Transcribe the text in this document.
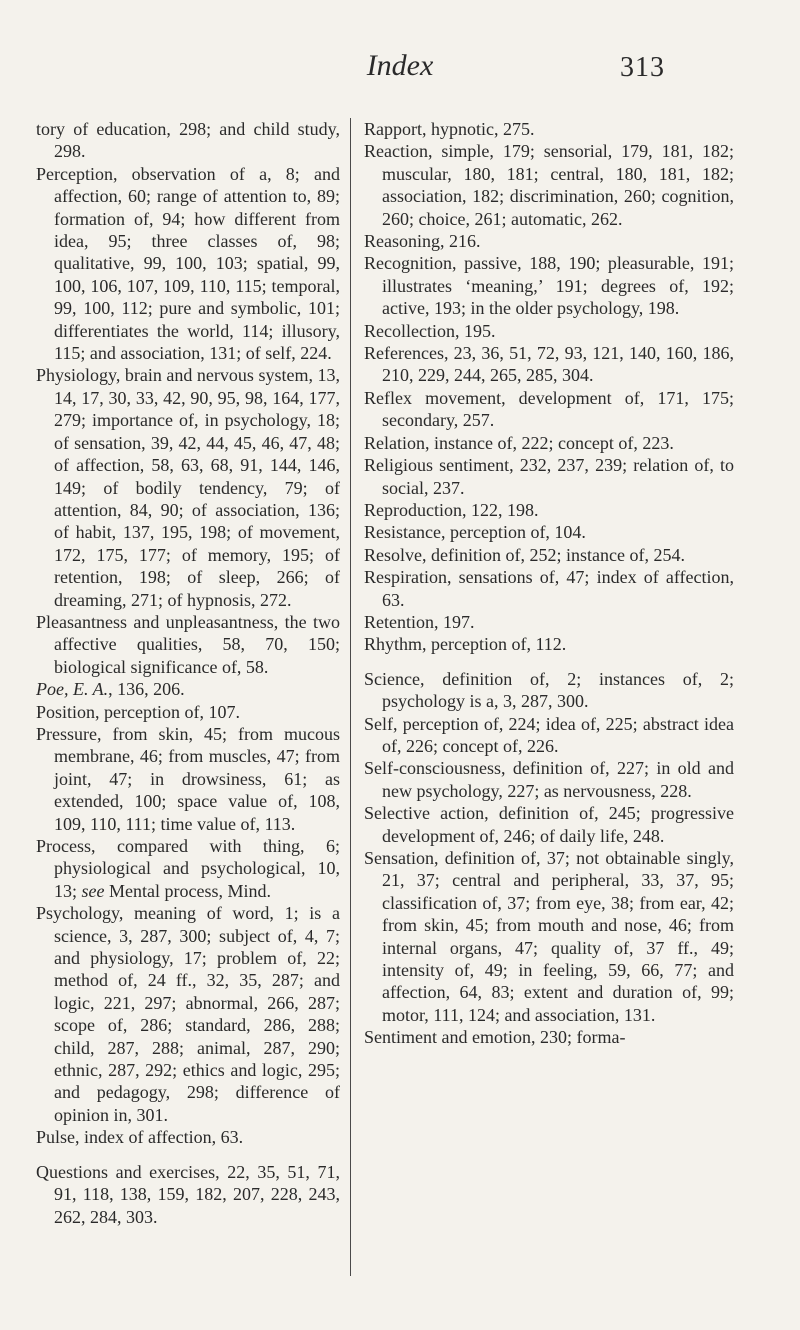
Index	313

tory of education, 298; and child study, 298.

Perception, observation of a, 8; and affection, 60; range of attention to, 89; formation of, 94; how different from idea, 95; three classes of, 98; qualitative, 99, 100, 103; spatial, 99, 100, 106, 107, 109, 110, 115; temporal, 99, 100, 112; pure and symbolic, 101; differentiates the world, 114; illusory, 115; and association, 131; of self, 224.

Physiology, brain and nervous system, 13, 14, 17, 30, 33, 42, 90, 95, 98, 164, 177, 279; importance of, in psychology, 18; of sensation, 39, 42, 44, 45, 46, 47, 48; of affection, 58, 63, 68, 91, 144, 146, 149; of bodily tendency, 79; of attention, 84, 90; of association, 136; of habit, 137, 195, 198; of movement, 172, 175, 177; of memory, 195; of retention, 198; of sleep, 266; of dreaming, 271; of hypnosis, 272.

Pleasantness and unpleasantness, the two affective qualities, 58, 70, 150; biological significance of, 58.

Poe, E. A., 136, 206.

Position, perception of, 107.

Pressure, from skin, 45; from mucous membrane, 46; from muscles, 47; from joint, 47; in drowsiness, 61; as extended, 100; space value of, 108, 109, 110, 111; time value of, 113.

Process, compared with thing, 6; physiological and psychological, 10, 13; see Mental process, Mind.

Psychology, meaning of word, 1; is a science, 3, 287, 300; subject of, 4, 7; and physiology, 17; problem of, 22; method of, 24 ff., 32, 35, 287; and logic, 221, 297; abnormal, 266, 287; scope of, 286; standard, 286, 288; child, 287, 288; animal, 287, 290; ethnic, 287, 292; ethics and logic, 295; and pedagogy, 298; difference of opinion in, 301.

Pulse, index of affection, 63.

Questions and exercises, 22, 35, 51, 71, 91, 118, 138, 159, 182, 207, 228, 243, 262, 284, 303.

Rapport, hypnotic, 275.

Reaction, simple, 179; sensorial, 179, 181, 182; muscular, 180, 181; central, 180, 181, 182; association, 182; discrimination, 260; cognition, 260; choice, 261; automatic, 262.

Reasoning, 216.

Recognition, passive, 188, 190; pleasurable, 191; illustrates ‘meaning,’ 191; degrees of, 192; active, 193; in the older psychology, 198.

Recollection, 195.

References, 23, 36, 51, 72, 93, 121, 140, 160, 186, 210, 229, 244, 265, 285, 304.

Reflex movement, development of, 171, 175; secondary, 257.

Relation, instance of, 222; concept of, 223.

Religious sentiment, 232, 237, 239; relation of, to social, 237.

Reproduction, 122, 198.

Resistance, perception of, 104.

Resolve, definition of, 252; instance of, 254.

Respiration, sensations of, 47; index of affection, 63.

Retention, 197.

Rhythm, perception of, 112.

Science, definition of, 2; instances of, 2; psychology is a, 3, 287, 300.

Self, perception of, 224; idea of, 225; abstract idea of, 226; concept of, 226.

Self-consciousness, definition of, 227; in old and new psychology, 227; as nervousness, 228.

Selective action, definition of, 245; progressive development of, 246; of daily life, 248.

Sensation, definition of, 37; not obtainable singly, 21, 37; central and peripheral, 33, 37, 95; classification of, 37; from eye, 38; from ear, 42; from skin, 45; from mouth and nose, 46; from internal organs, 47; quality of, 37 ff., 49; intensity of, 49; in feeling, 59, 66, 77; and affection, 64, 83; extent and duration of, 99; motor, 111, 124; and association, 131.

Sentiment and emotion, 230; forma-
